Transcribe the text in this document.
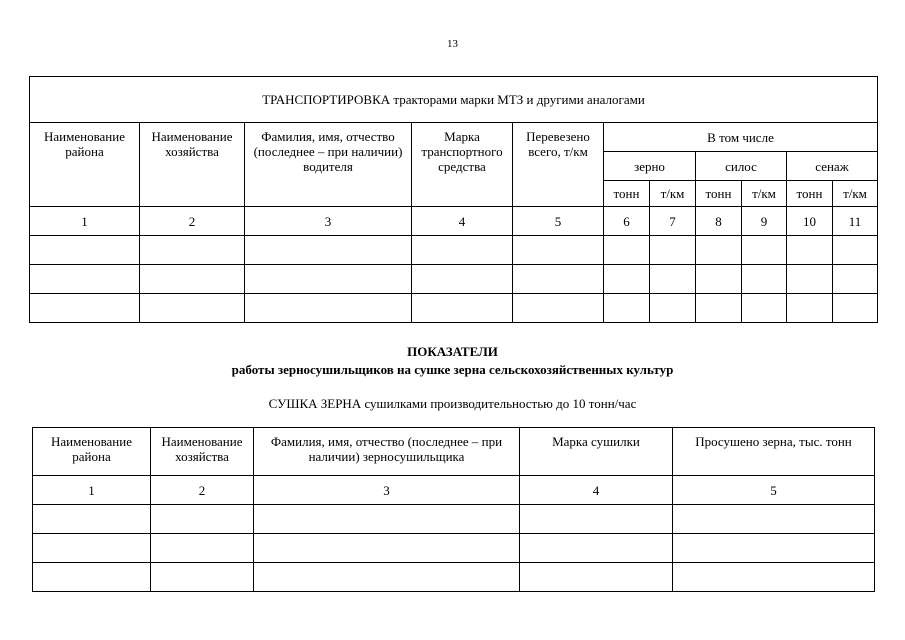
13
ТРАНСПОРТИРОВКА тракторами марки МТЗ и другими аналогами										
Наименование района	Наименование хозяйства	Фамилия, имя, отчество (последнее – при наличии) водителя	Марка транспортного средства	Перевезено всего, т/км	В том числе					
					зерно		силос		сенаж	
					тонн	т/км	тонн	т/км	тонн	т/км
1	2	3	4	5	6	7	8	9	10	11

ПОКАЗАТЕЛИ
работы зерносушильщиков на сушке зерна сельскохозяйственных культур
СУШКА ЗЕРНА сушилками производительностью до 10 тонн/час
Наименование района	Наименование хозяйства	Фамилия, имя, отчество (последнее – при наличии) зерносушильщика	Марка сушилки	Просушено зерна, тыс. тонн
1	2	3	4	5
